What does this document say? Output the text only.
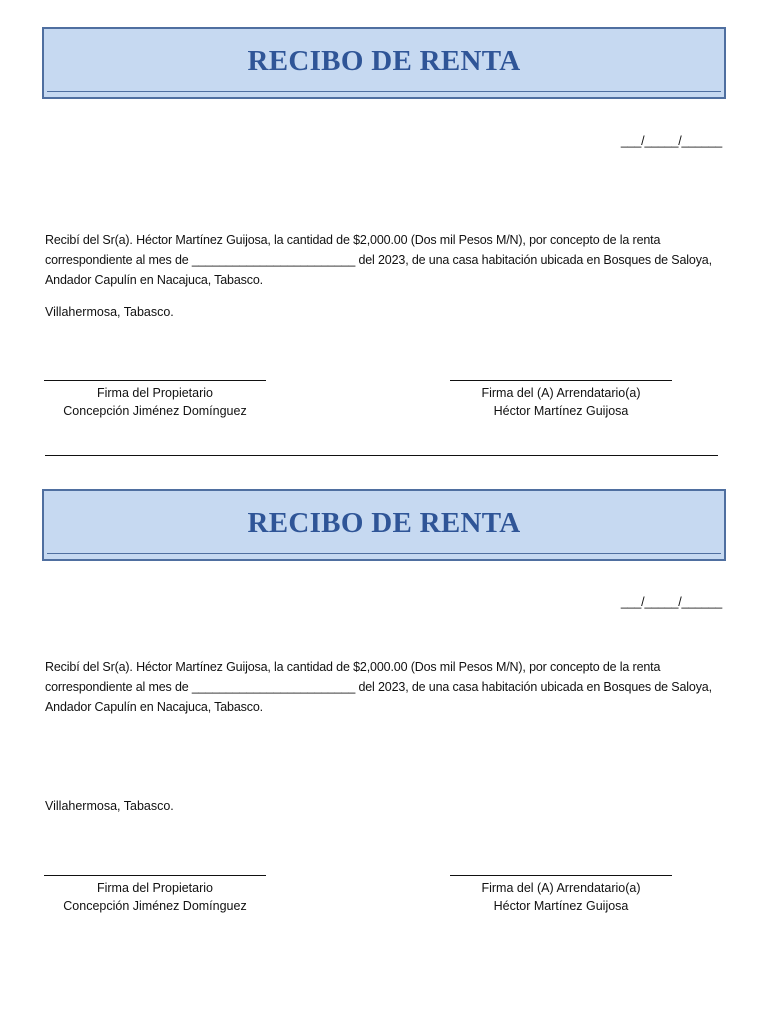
RECIBO DE RENTA
___/_____/______

Recibí del Sr(a). Héctor Martínez Guijosa, la cantidad de $2,000.00 (Dos mil Pesos M/N), por concepto de la renta correspondiente al mes de ________________________ del 2023, de una casa habitación ubicada en Bosques de Saloya, Andador Capulín en Nacajuca, Tabasco.

Villahermosa, Tabasco.
Firma del Propietario
Concepción Jiménez Domínguez
Firma del (A) Arrendatario(a)
Héctor Martínez Guijosa
RECIBO DE RENTA
___/_____/______

Recibí del Sr(a). Héctor Martínez Guijosa, la cantidad de $2,000.00 (Dos mil Pesos M/N), por concepto de la renta correspondiente al mes de ________________________ del 2023, de una casa habitación ubicada en Bosques de Saloya, Andador Capulín en Nacajuca, Tabasco.

Villahermosa, Tabasco.
Firma del Propietario
Concepción Jiménez Domínguez
Firma del (A) Arrendatario(a)
Héctor Martínez Guijosa
